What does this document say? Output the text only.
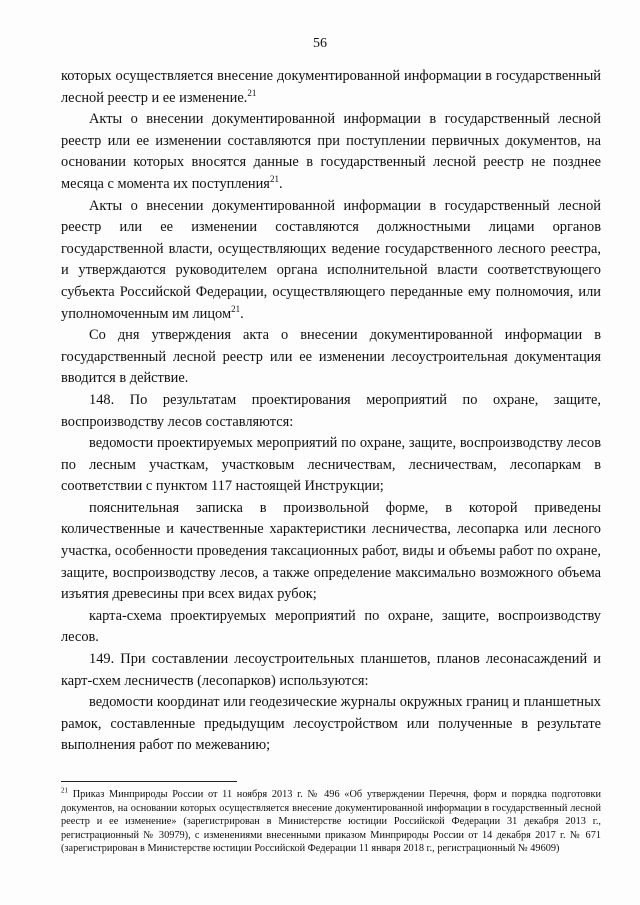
56

которых осуществляется внесение документированной информации в государственный лесной реестр и ее изменение.$^{21}$

Акты о внесении документированной информации в государственный лесной реестр или ее изменении составляются при поступлении первичных документов, на основании которых вносятся данные в государственный лесной реестр не позднее месяца с момента их поступления$^{21}$.

Акты о внесении документированной информации в государственный лесной реестр или ее изменении составляются должностными лицами органов государственной власти, осуществляющих ведение государственного лесного реестра, и утверждаются руководителем органа исполнительной власти соответствующего субъекта Российской Федерации, осуществляющего переданные ему полномочия, или уполномоченным им лицом$^{21}$.

Со дня утверждения акта о внесении документированной информации в государственный лесной реестр или ее изменении лесоустроительная документация вводится в действие.

148. По результатам проектирования мероприятий по охране, защите, воспроизводству лесов составляются:

ведомости проектируемых мероприятий по охране, защите, воспроизводству лесов по лесным участкам, участковым лесничествам, лесничествам, лесопаркам в соответствии с пунктом 117 настоящей Инструкции;

пояснительная записка в произвольной форме, в которой приведены количественные и качественные характеристики лесничества, лесопарка или лесного участка, особенности проведения таксационных работ, виды и объемы работ по охране, защите, воспроизводству лесов, а также определение максимально возможного объема изъятия древесины при всех видах рубок;

карта-схема проектируемых мероприятий по охране, защите, воспроизводству лесов.

149. При составлении лесоустроительных планшетов, планов лесонасаждений и карт-схем лесничеств (лесопарков) используются:

ведомости координат или геодезические журналы окружных границ и планшетных рамок, составленные предыдущим лесоустройством или полученные в результате выполнения работ по межеванию;

$^{21}$ Приказ Минприроды России от 11 ноября 2013 г. № 496 «Об утверждении Перечня, форм и порядка подготовки документов, на основании которых осуществляется внесение документированной информации в государственный лесной реестр и ее изменение» (зарегистрирован в Министерстве юстиции Российской Федерации 31 декабря 2013 г., регистрационный № 30979), с изменениями внесенными приказом Минприроды России от 14 декабря 2017 г. № 671 (зарегистрирован в Министерстве юстиции Российской Федерации 11 января 2018 г., регистрационный № 49609)
